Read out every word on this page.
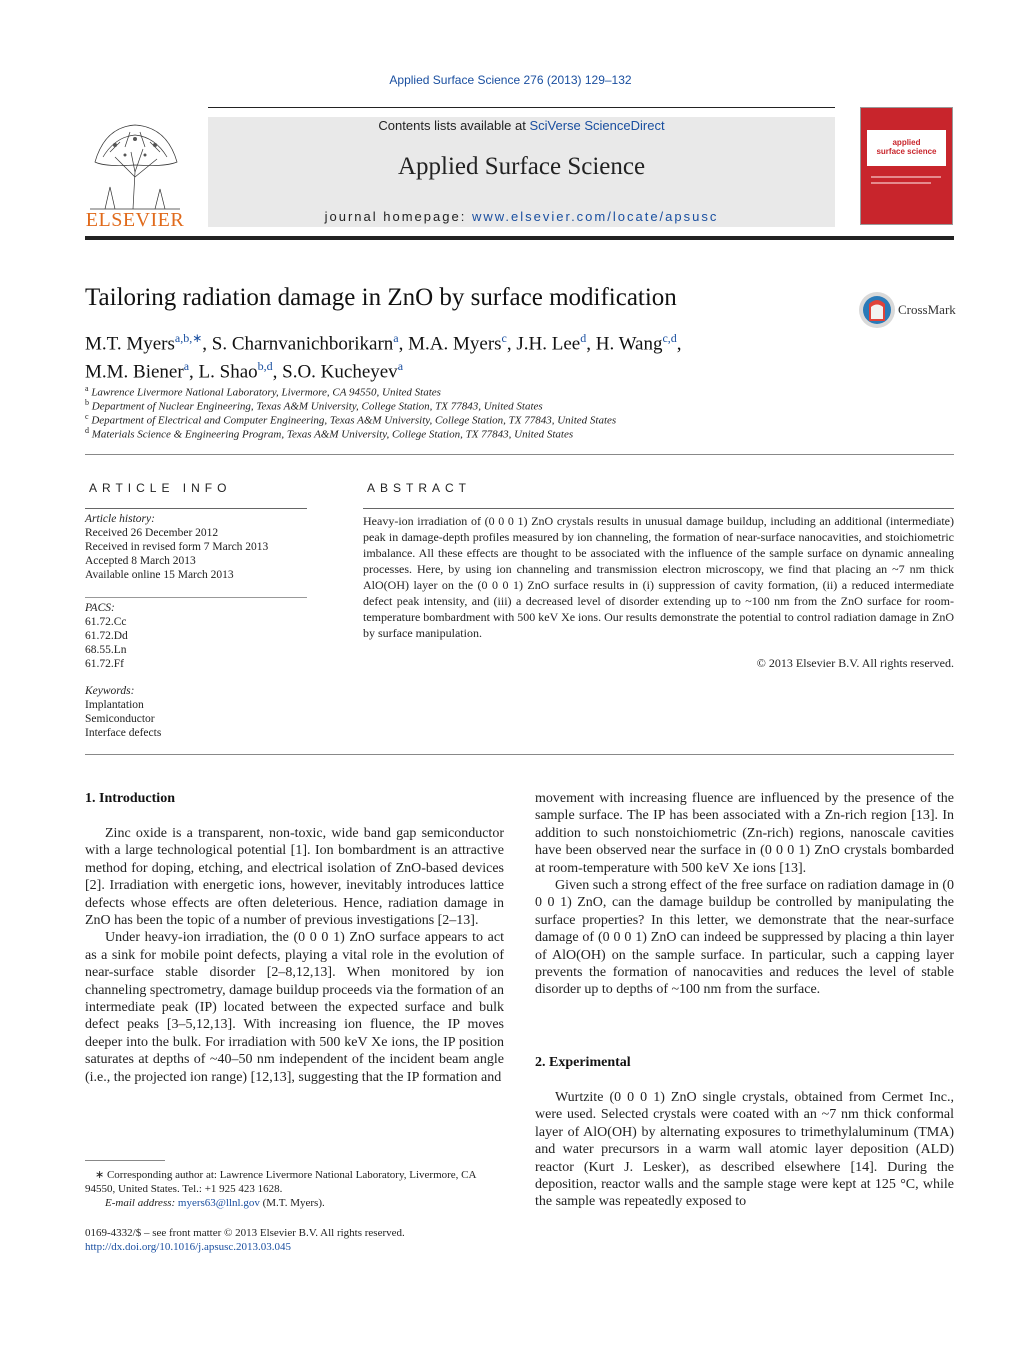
Applied Surface Science 276 (2013) 129–132
ELSEVIER
Contents lists available at SciVerse ScienceDirect
Applied Surface Science
journal homepage: www.elsevier.com/locate/apsusc
applied
surface science
Tailoring radiation damage in ZnO by surface modification	CrossMark
M.T. Myers$^{a,b,∗}$, S. Charnvanichborikarn$^a$, M.A. Myers$^c$, J.H. Lee$^d$, H. Wang$^{c,d}$,
M.M. Biener$^a$, L. Shao$^{b,d}$, S.O. Kucheyev$^a$
$^a$ Lawrence Livermore National Laboratory, Livermore, CA 94550, United States
$^b$ Department of Nuclear Engineering, Texas A&M University, College Station, TX 77843, United States
$^c$ Department of Electrical and Computer Engineering, Texas A&M University, College Station, TX 77843, United States
$^d$ Materials Science & Engineering Program, Texas A&M University, College Station, TX 77843, United States
ARTICLE INFO
Article history:
Received 26 December 2012
Received in revised form 7 March 2013
Accepted 8 March 2013
Available online 15 March 2013
PACS:
61.72.Cc
61.72.Dd
68.55.Ln
61.72.Ff
Keywords:
Implantation
Semiconductor
Interface defects
ABSTRACT
Heavy-ion irradiation of (0 0 0 1) ZnO crystals results in unusual damage buildup, including an additional (intermediate) peak in damage-depth profiles measured by ion channeling, the formation of near-surface nanocavities, and stoichiometric imbalance. All these effects are thought to be associated with the influence of the sample surface on dynamic annealing processes. Here, by using ion channeling and transmission electron microscopy, we find that placing an ~7 nm thick AlO(OH) layer on the (0 0 0 1) ZnO surface results in (i) suppression of cavity formation, (ii) a reduced intermediate defect peak intensity, and (iii) a decreased level of disorder extending up to ~100 nm from the ZnO surface for room-temperature bombardment with 500 keV Xe ions. Our results demonstrate the potential to control radiation damage in ZnO by surface manipulation.
© 2013 Elsevier B.V. All rights reserved.
1. Introduction

Zinc oxide is a transparent, non-toxic, wide band gap semiconductor with a large technological potential [1]. Ion bombardment is an attractive method for doping, etching, and electrical isolation of ZnO-based devices [2]. Irradiation with energetic ions, however, inevitably introduces lattice defects whose effects are often deleterious. Hence, radiation damage in ZnO has been the topic of a number of previous investigations [2–13].

Under heavy-ion irradiation, the (0 0 0 1) ZnO surface appears to act as a sink for mobile point defects, playing a vital role in the evolution of near-surface stable disorder [2–8,12,13]. When monitored by ion channeling spectrometry, damage buildup proceeds via the formation of an intermediate peak (IP) located between the expected surface and bulk defect peaks [3–5,12,13]. With increasing ion fluence, the IP moves deeper into the bulk. For irradiation with 500 keV Xe ions, the IP position saturates at depths of ~40–50 nm independent of the incident beam angle (i.e., the projected ion range) [12,13], suggesting that the IP formation and

movement with increasing fluence are influenced by the presence of the sample surface. The IP has been associated with a Zn-rich region [13]. In addition to such nonstoichiometric (Zn-rich) regions, nanoscale cavities have been observed near the surface in (0 0 0 1) ZnO crystals bombarded at room-temperature with 500 keV Xe ions [13].

Given such a strong effect of the free surface on radiation damage in (0 0 0 1) ZnO, can the damage buildup be controlled by manipulating the surface properties? In this letter, we demonstrate that the near-surface damage of (0 0 0 1) ZnO can indeed be suppressed by placing a thin layer of AlO(OH) on the sample surface. In particular, such a capping layer prevents the formation of nanocavities and reduces the level of stable disorder up to depths of ~100 nm from the surface.

2. Experimental

Wurtzite (0 0 0 1) ZnO single crystals, obtained from Cermet Inc., were used. Selected crystals were coated with an ~7 nm thick conformal layer of AlO(OH) by alternating exposures to trimethylaluminum (TMA) and water precursors in a warm wall atomic layer deposition (ALD) reactor (Kurt J. Lesker), as described elsewhere [14]. During the deposition, reactor walls and the sample stage were kept at 125 °C, while the sample was repeatedly exposed to

∗ Corresponding author at: Lawrence Livermore National Laboratory, Livermore, CA 94550, United States. Tel.: +1 925 423 1628.
E-mail address: myers63@llnl.gov (M.T. Myers).
0169-4332/$ – see front matter © 2013 Elsevier B.V. All rights reserved.
http://dx.doi.org/10.1016/j.apsusc.2013.03.045
